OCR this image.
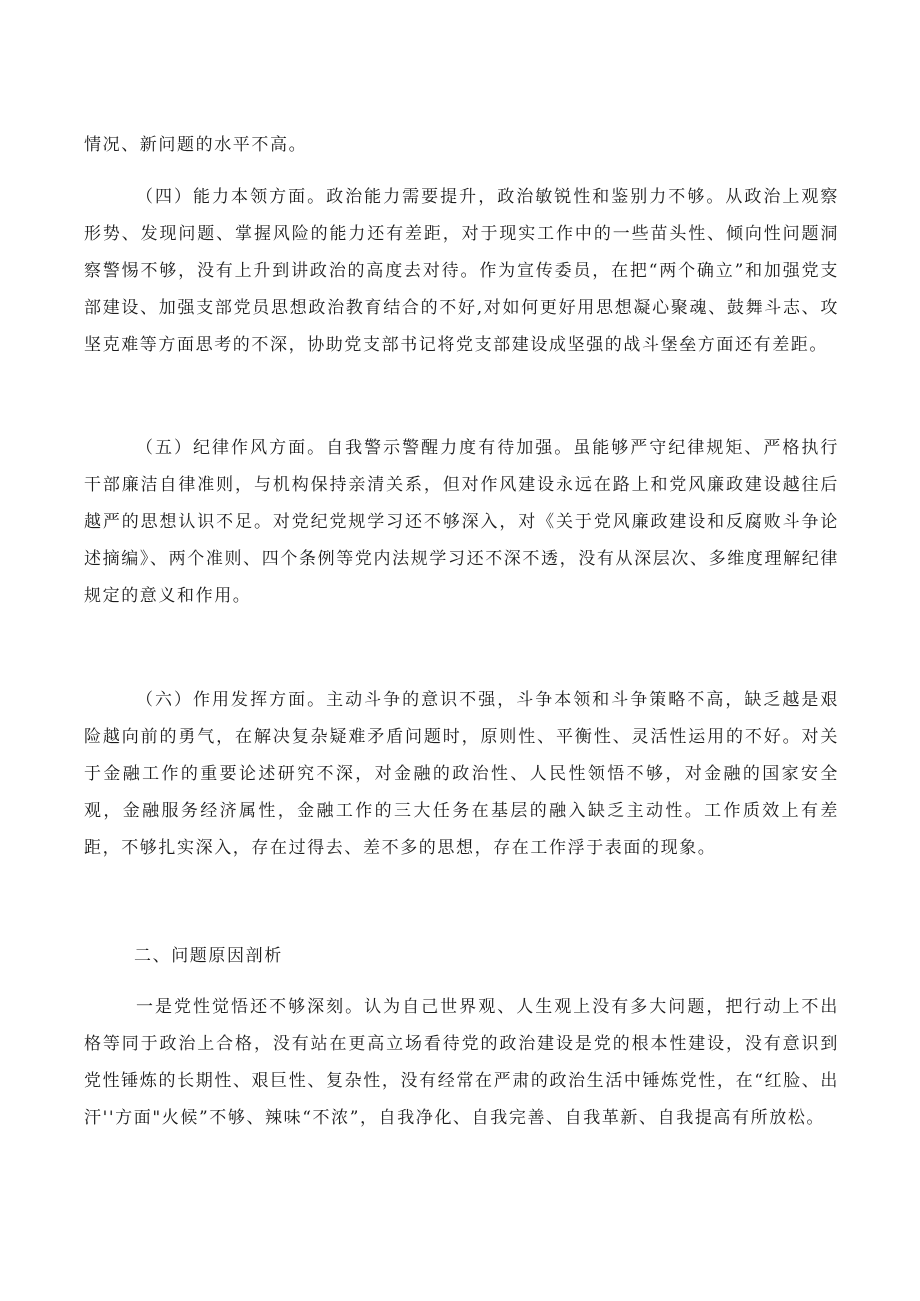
情况、新问题的水平不高。

（四）能力本领方面。政治能力需要提升，政治敏锐性和鉴别力不够。从政治上观察形势、发现问题、掌握风险的能力还有差距，对于现实工作中的一些苗头性、倾向性问题洞察警惕不够，没有上升到讲政治的高度去对待。作为宣传委员，在把“两个确立”和加强党支部建设、加强支部党员思想政治教育结合的不好,对如何更好用思想凝心聚魂、鼓舞斗志、攻坚克难等方面思考的不深，协助党支部书记将党支部建设成坚强的战斗堡垒方面还有差距。

（五）纪律作风方面。自我警示警醒力度有待加强。虽能够严守纪律规矩、严格执行干部廉洁自律准则，与机构保持亲清关系，但对作风建设永远在路上和党风廉政建设越往后越严的思想认识不足。对党纪党规学习还不够深入，对《关于党风廉政建设和反腐败斗争论述摘编》、两个准则、四个条例等党内法规学习还不深不透，没有从深层次、多维度理解纪律规定的意义和作用。

（六）作用发挥方面。主动斗争的意识不强，斗争本领和斗争策略不高，缺乏越是艰险越向前的勇气，在解决复杂疑难矛盾问题时，原则性、平衡性、灵活性运用的不好。对关于金融工作的重要论述研究不深，对金融的政治性、人民性领悟不够，对金融的国家安全观，金融服务经济属性，金融工作的三大任务在基层的融入缺乏主动性。工作质效上有差距，不够扎实深入，存在过得去、差不多的思想，存在工作浮于表面的现象。

二、问题原因剖析

一是党性觉悟还不够深刻。认为自己世界观、人生观上没有多大问题，把行动上不出格等同于政治上合格，没有站在更高立场看待党的政治建设是党的根本性建设，没有意识到党性锤炼的长期性、艰巨性、复杂性，没有经常在严肃的政治生活中锤炼党性，在“红脸、出汗''方面"火候”不够、辣味“不浓”，自我净化、自我完善、自我革新、自我提高有所放松。
